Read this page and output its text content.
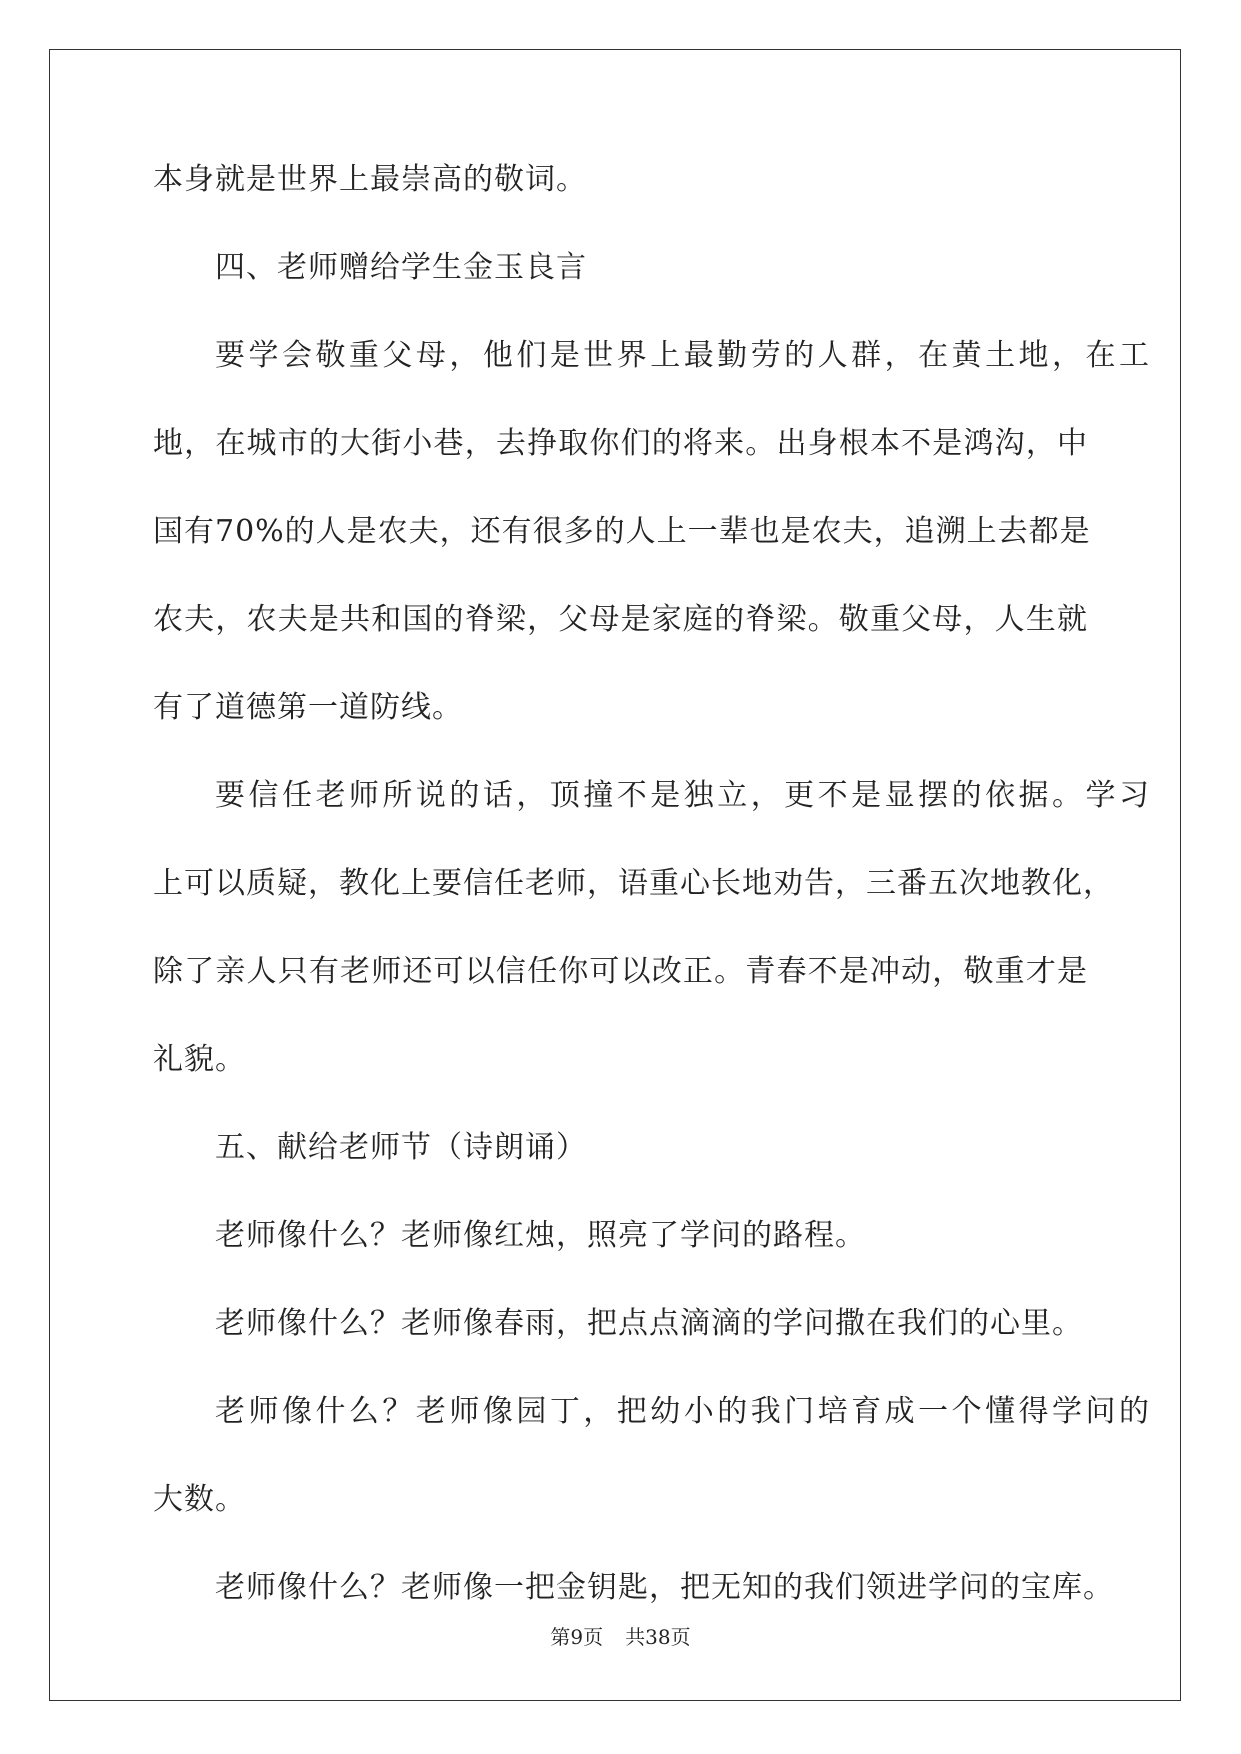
本身就是世界上最崇高的敬词。
四、老师赠给学生金玉良言
要学会敬重父母，他们是世界上最勤劳的人群，在黄土地，在工
地，在城市的大街小巷，去挣取你们的将来。出身根本不是鸿沟，中
国有70%的人是农夫，还有很多的人上一辈也是农夫，追溯上去都是
农夫，农夫是共和国的脊梁，父母是家庭的脊梁。敬重父母，人生就
有了道德第一道防线。
要信任老师所说的话，顶撞不是独立，更不是显摆的依据。学习
上可以质疑，教化上要信任老师，语重心长地劝告，三番五次地教化，
除了亲人只有老师还可以信任你可以改正。青春不是冲动，敬重才是
礼貌。
五、献给老师节（诗朗诵）
老师像什么？老师像红烛，照亮了学问的路程。
老师像什么？老师像春雨，把点点滴滴的学问撒在我们的心里。
老师像什么？老师像园丁，把幼小的我门培育成一个懂得学问的
大数。
老师像什么？老师像一把金钥匙，把无知的我们领进学问的宝库。
第9页 共38页
